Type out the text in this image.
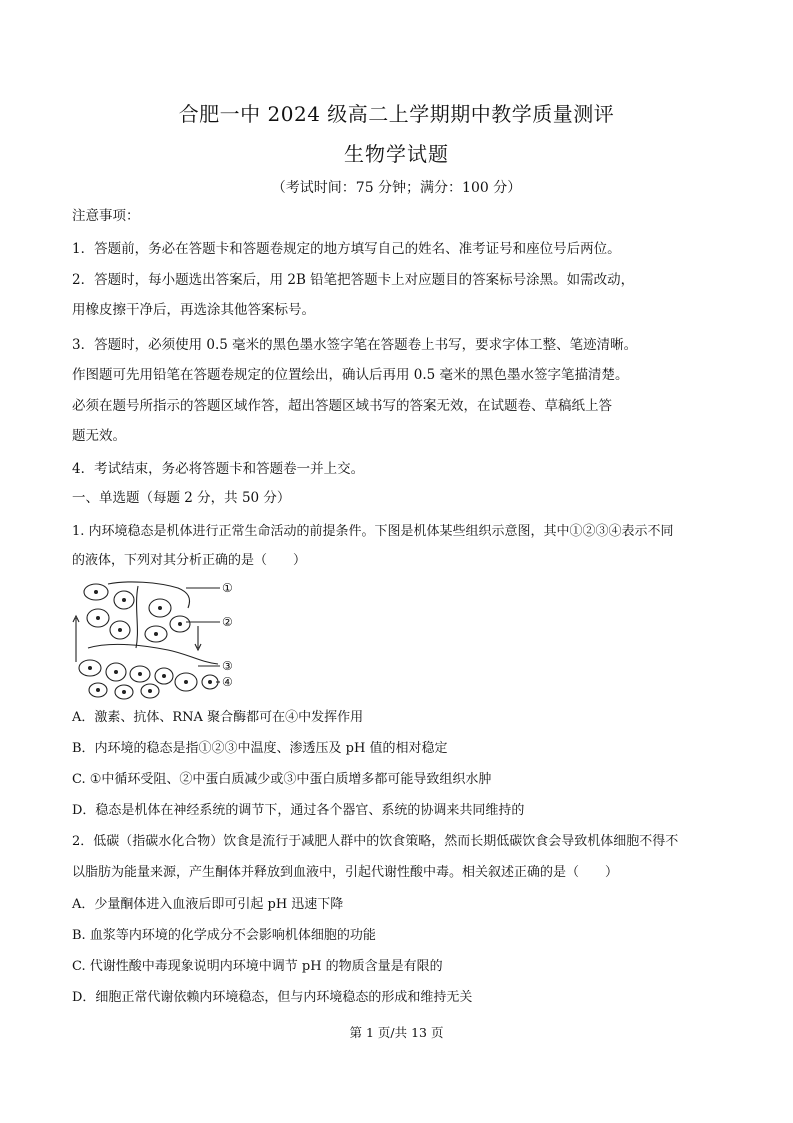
合肥一中 2024 级高二上学期期中教学质量测评
生物学试题
（考试时间：75 分钟；满分：100 分）
注意事项：
1．答题前，务必在答题卡和答题卷规定的地方填写自己的姓名、准考证号和座位号后两位。
2．答题时，每小题选出答案后，用 2B 铅笔把答题卡上对应题目的答案标号涂黑。如需改动，
用橡皮擦干净后，再选涂其他答案标号。
3．答题时，必须使用 0.5 毫米的黑色墨水签字笔在答题卷上书写，要求字体工整、笔迹清晰。
作图题可先用铅笔在答题卷规定的位置绘出，确认后再用 0.5 毫米的黑色墨水签字笔描清楚。
必须在题号所指示的答题区域作答，超出答题区域书写的答案无效，在试题卷、草稿纸上答
题无效。
4．考试结束，务必将答题卡和答题卷一并上交。
一、单选题（每题 2 分，共 50 分）
1. 内环境稳态是机体进行正常生命活动的前提条件。下图是机体某些组织示意图，其中①②③④表示不同
的液体，下列对其分析正确的是（　　）
①
②
③
④
A．激素、抗体、RNA 聚合酶都可在④中发挥作用
B．内环境的稳态是指①②③中温度、渗透压及 pH 值的相对稳定
C. ①中循环受阻、②中蛋白质减少或③中蛋白质增多都可能导致组织水肿
D．稳态是机体在神经系统的调节下，通过各个器官、系统的协调来共同维持的
2．低碳（指碳水化合物）饮食是流行于减肥人群中的饮食策略，然而长期低碳饮食会导致机体细胞不得不
以脂肪为能量来源，产生酮体并释放到血液中，引起代谢性酸中毒。相关叙述正确的是（　　）
A．少量酮体进入血液后即可引起 pH 迅速下降
B. 血浆等内环境的化学成分不会影响机体细胞的功能
C. 代谢性酸中毒现象说明内环境中调节 pH 的物质含量是有限的
D．细胞正常代谢依赖内环境稳态，但与内环境稳态的形成和维持无关
第 1 页/共 13 页
